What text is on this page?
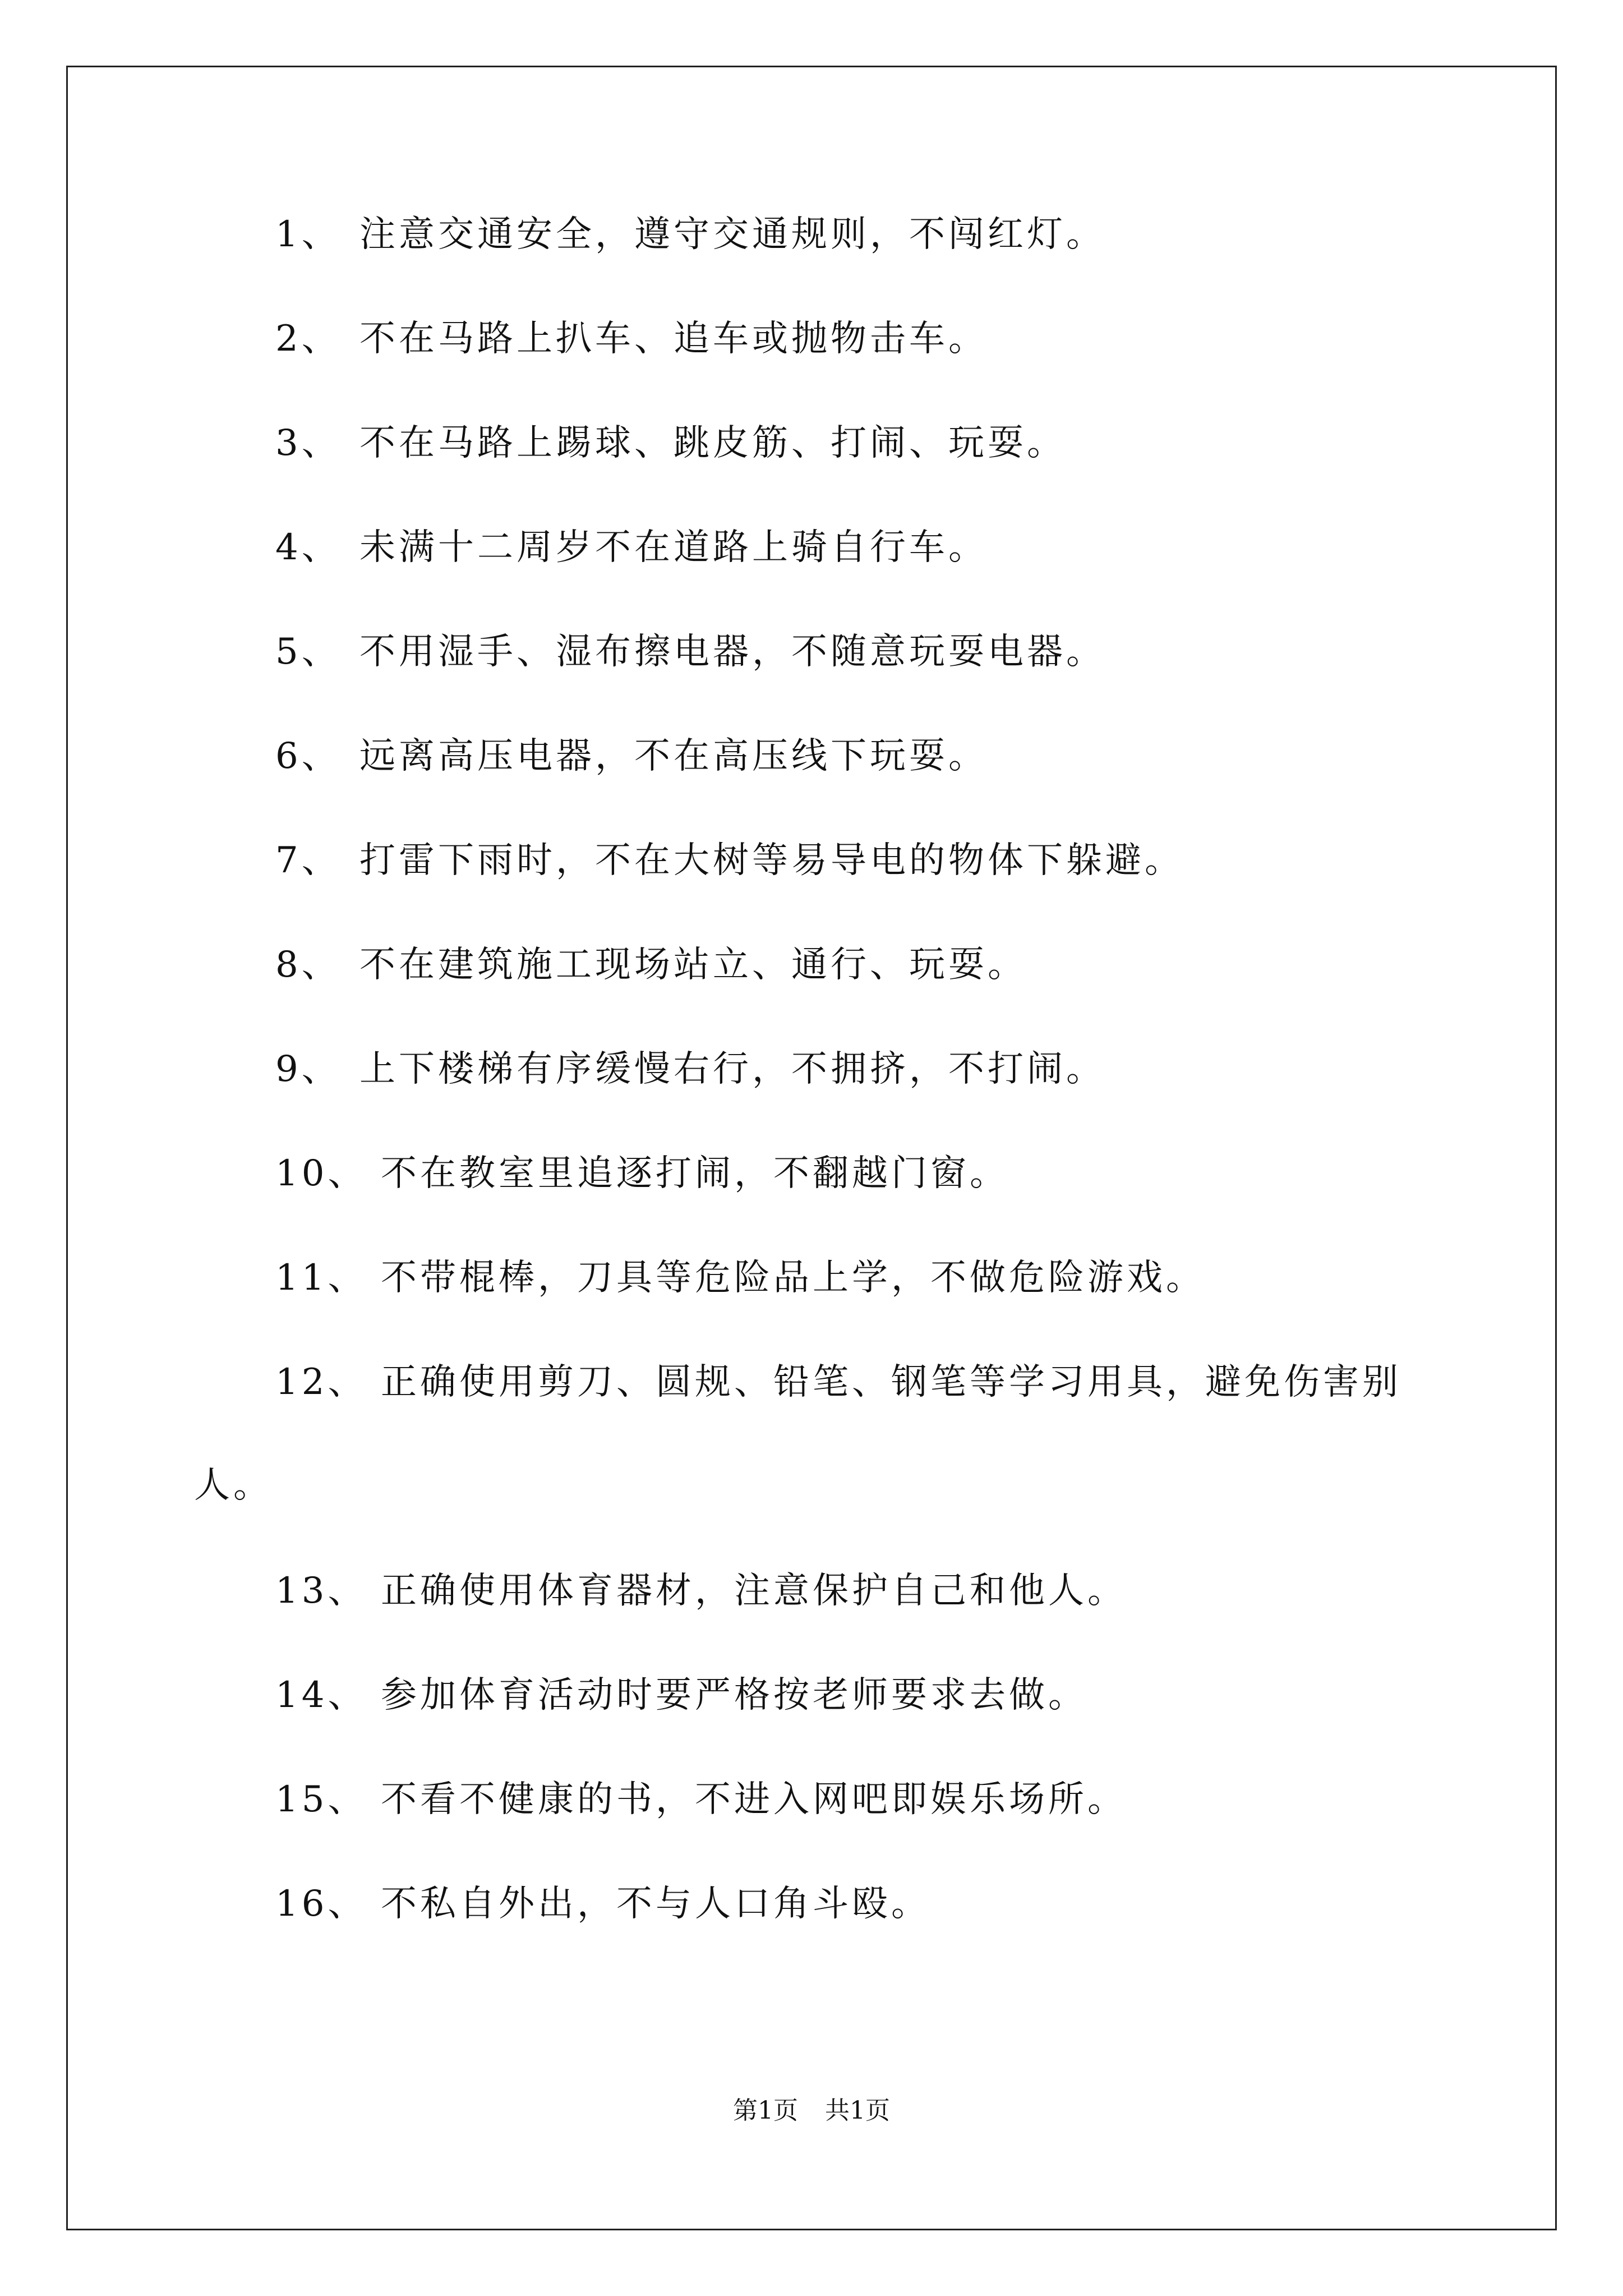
1、 注意交通安全，遵守交通规则，不闯红灯。
2、 不在马路上扒车、追车或抛物击车。
3、 不在马路上踢球、跳皮筋、打闹、玩耍。
4、 未满十二周岁不在道路上骑自行车。
5、 不用湿手、湿布擦电器，不随意玩耍电器。
6、 远离高压电器，不在高压线下玩耍。
7、 打雷下雨时，不在大树等易导电的物体下躲避。
8、 不在建筑施工现场站立、通行、玩耍。
9、 上下楼梯有序缓慢右行，不拥挤，不打闹。
10、 不在教室里追逐打闹，不翻越门窗。
11、 不带棍棒，刀具等危险品上学，不做危险游戏。
12、 正确使用剪刀、圆规、铅笔、钢笔等学习用具，避免伤害别
人。
13、 正确使用体育器材，注意保护自己和他人。
14、 参加体育活动时要严格按老师要求去做。
15、 不看不健康的书，不进入网吧即娱乐场所。
16、 不私自外出，不与人口角斗殴。
第1页 共1页
